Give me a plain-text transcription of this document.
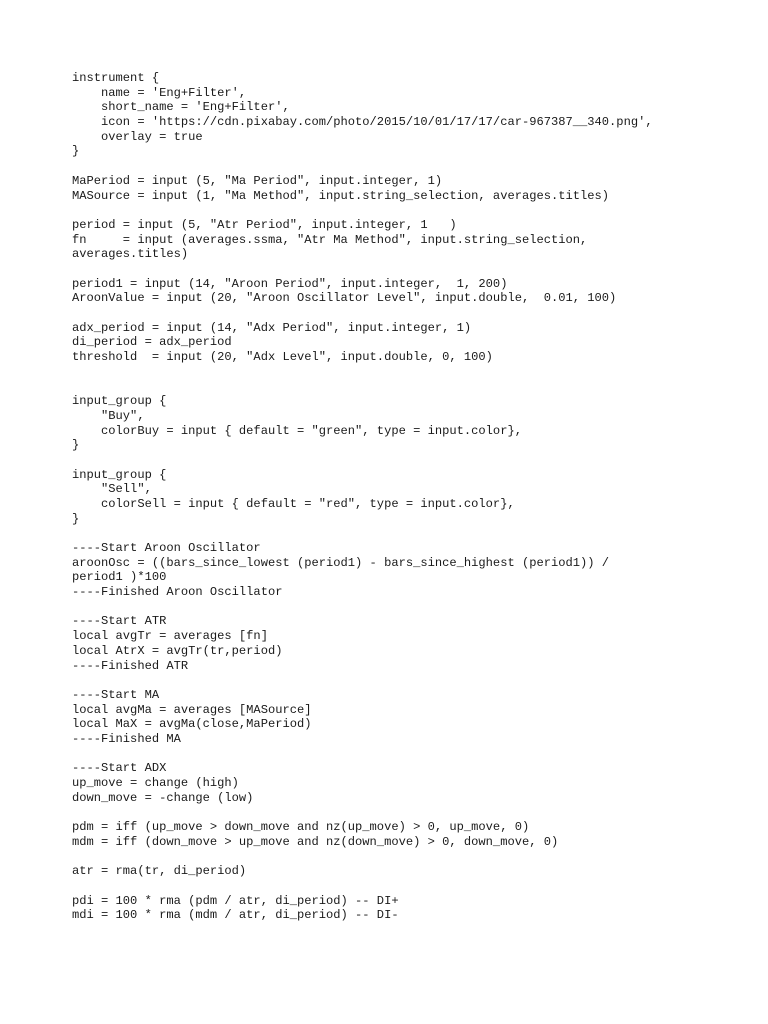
instrument {
name = 'Eng+Filter',
short_name = 'Eng+Filter',
icon = 'https://cdn.pixabay.com/photo/2015/10/01/17/17/car-967387__340.png',
overlay = true
}
MaPeriod = input (5, "Ma Period", input.integer, 1)
MASource = input (1, "Ma Method", input.string_selection, averages.titles)
period = input (5, "Atr Period", input.integer, 1   )
fn     = input (averages.ssma, "Atr Ma Method", input.string_selection,
averages.titles)
period1 = input (14, "Aroon Period", input.integer,  1, 200)
AroonValue = input (20, "Aroon Oscillator Level", input.double,  0.01, 100)
adx_period = input (14, "Adx Period", input.integer, 1)
di_period = adx_period
threshold  = input (20, "Adx Level", input.double, 0, 100)
input_group {
"Buy",
colorBuy = input { default = "green", type = input.color},
}
input_group {
"Sell",
colorSell = input { default = "red", type = input.color},
}
----Start Aroon Oscillator
aroonOsc = ((bars_since_lowest (period1) - bars_since_highest (period1)) /
period1 )*100
----Finished Aroon Oscillator
----Start ATR
local avgTr = averages [fn]
local AtrX = avgTr(tr,period)
----Finished ATR
----Start MA
local avgMa = averages [MASource]
local MaX = avgMa(close,MaPeriod)
----Finished MA
----Start ADX
up_move = change (high)
down_move = -change (low)
pdm = iff (up_move > down_move and nz(up_move) > 0, up_move, 0)
mdm = iff (down_move > up_move and nz(down_move) > 0, down_move, 0)
atr = rma(tr, di_period)
pdi = 100 * rma (pdm / atr, di_period) -- DI+
mdi = 100 * rma (mdm / atr, di_period) -- DI-
